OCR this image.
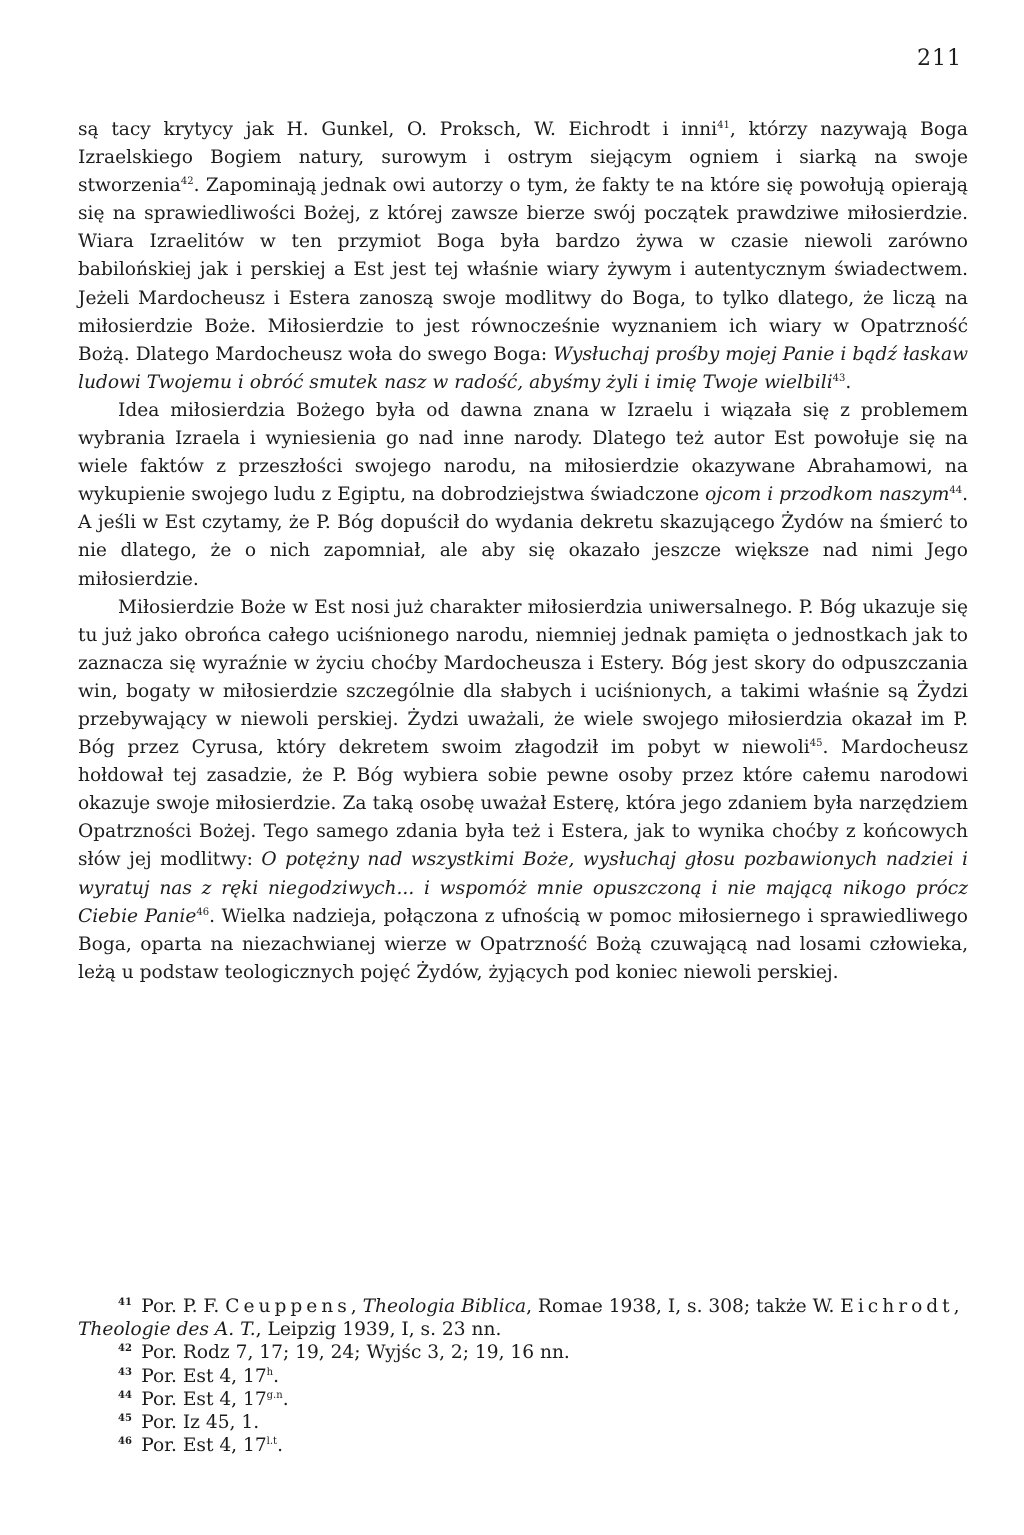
211

są tacy krytycy jak H. Gunkel, O. Proksch, W. Eichrodt i inni$^{41}$, którzy nazywają Boga Izraelskiego Bogiem natury, surowym i ostrym siejącym ogniem i siarką na swoje stworzenia$^{42}$. Zapominają jednak owi autorzy o tym, że fakty te na które się powołują opierają się na sprawiedliwości Bożej, z której zawsze bierze swój początek prawdziwe miłosierdzie. Wiara Izraelitów w ten przymiot Boga była bardzo żywa w czasie niewoli zarówno babilońskiej jak i perskiej a Est jest tej właśnie wiary żywym i autentycznym świadectwem. Jeżeli Mardocheusz i Estera zanoszą swoje modlitwy do Boga, to tylko dlatego, że liczą na miłosierdzie Boże. Miłosierdzie to jest równocześnie wyznaniem ich wiary w Opatrzność Bożą. Dlatego Mardocheusz woła do swego Boga: Wysłuchaj prośby mojej Panie i bądź łaskaw ludowi Twojemu i obróć smutek nasz w radość, abyśmy żyli i imię Twoje wielbili$^{43}$.

Idea miłosierdzia Bożego była od dawna znana w Izraelu i wiązała się z problemem wybrania Izraela i wyniesienia go nad inne narody. Dlatego też autor Est powołuje się na wiele faktów z przeszłości swojego narodu, na miłosierdzie okazywane Abrahamowi, na wykupienie swojego ludu z Egiptu, na dobrodziejstwa świadczone ojcom i przodkom naszym$^{44}$. A jeśli w Est czytamy, że P. Bóg dopuścił do wydania dekretu skazującego Żydów na śmierć to nie dlatego, że o nich zapomniał, ale aby się okazało jeszcze większe nad nimi Jego miłosierdzie.

Miłosierdzie Boże w Est nosi już charakter miłosierdzia uniwersalnego. P. Bóg ukazuje się tu już jako obrońca całego uciśnionego narodu, niemniej jednak pamięta o jednostkach jak to zaznacza się wyraźnie w życiu choćby Mardocheusza i Estery. Bóg jest skory do odpuszczania win, bogaty w miłosierdzie szczególnie dla słabych i uciśnionych, a takimi właśnie są Żydzi przebywający w niewoli perskiej. Żydzi uważali, że wiele swojego miłosierdzia okazał im P. Bóg przez Cyrusa, który dekretem swoim złagodził im pobyt w niewoli$^{45}$. Mardocheusz hołdował tej zasadzie, że P. Bóg wybiera sobie pewne osoby przez które całemu narodowi okazuje swoje miłosierdzie. Za taką osobę uważał Esterę, która jego zdaniem była narzędziem Opatrzności Bożej. Tego samego zdania była też i Estera, jak to wynika choćby z końcowych słów jej modlitwy: O potężny nad wszystkimi Boże, wysłuchaj głosu pozbawionych nadziei i wyratuj nas z ręki niegodziwych... i wspomóż mnie opuszczoną i nie mającą nikogo prócz Ciebie Panie$^{46}$. Wielka nadzieja, połączona z ufnością w pomoc miłosiernego i sprawiedliwego Boga, oparta na niezachwianej wierze w Opatrzność Bożą czuwającą nad losami człowieka, leżą u podstaw teologicznych pojęć Żydów, żyjących pod koniec niewoli perskiej.

$^{41}$  Por. P. F. Ceuppens, Theologia Biblica, Romae 1938, I, s. 308; także W. Eichrodt, Theologie des A. T., Leipzig 1939, I, s. 23 nn.
$^{42}$  Por. Rodz 7, 17; 19, 24; Wyjśc 3, 2; 19, 16 nn.
$^{43}$  Por. Est 4, 17$^h$.
$^{44}$  Por. Est 4, $17^{g.n}$.
$^{45}$  Por. Iz 45, 1.
$^{46}$  Por. Est 4, $17^{l.t}$.
